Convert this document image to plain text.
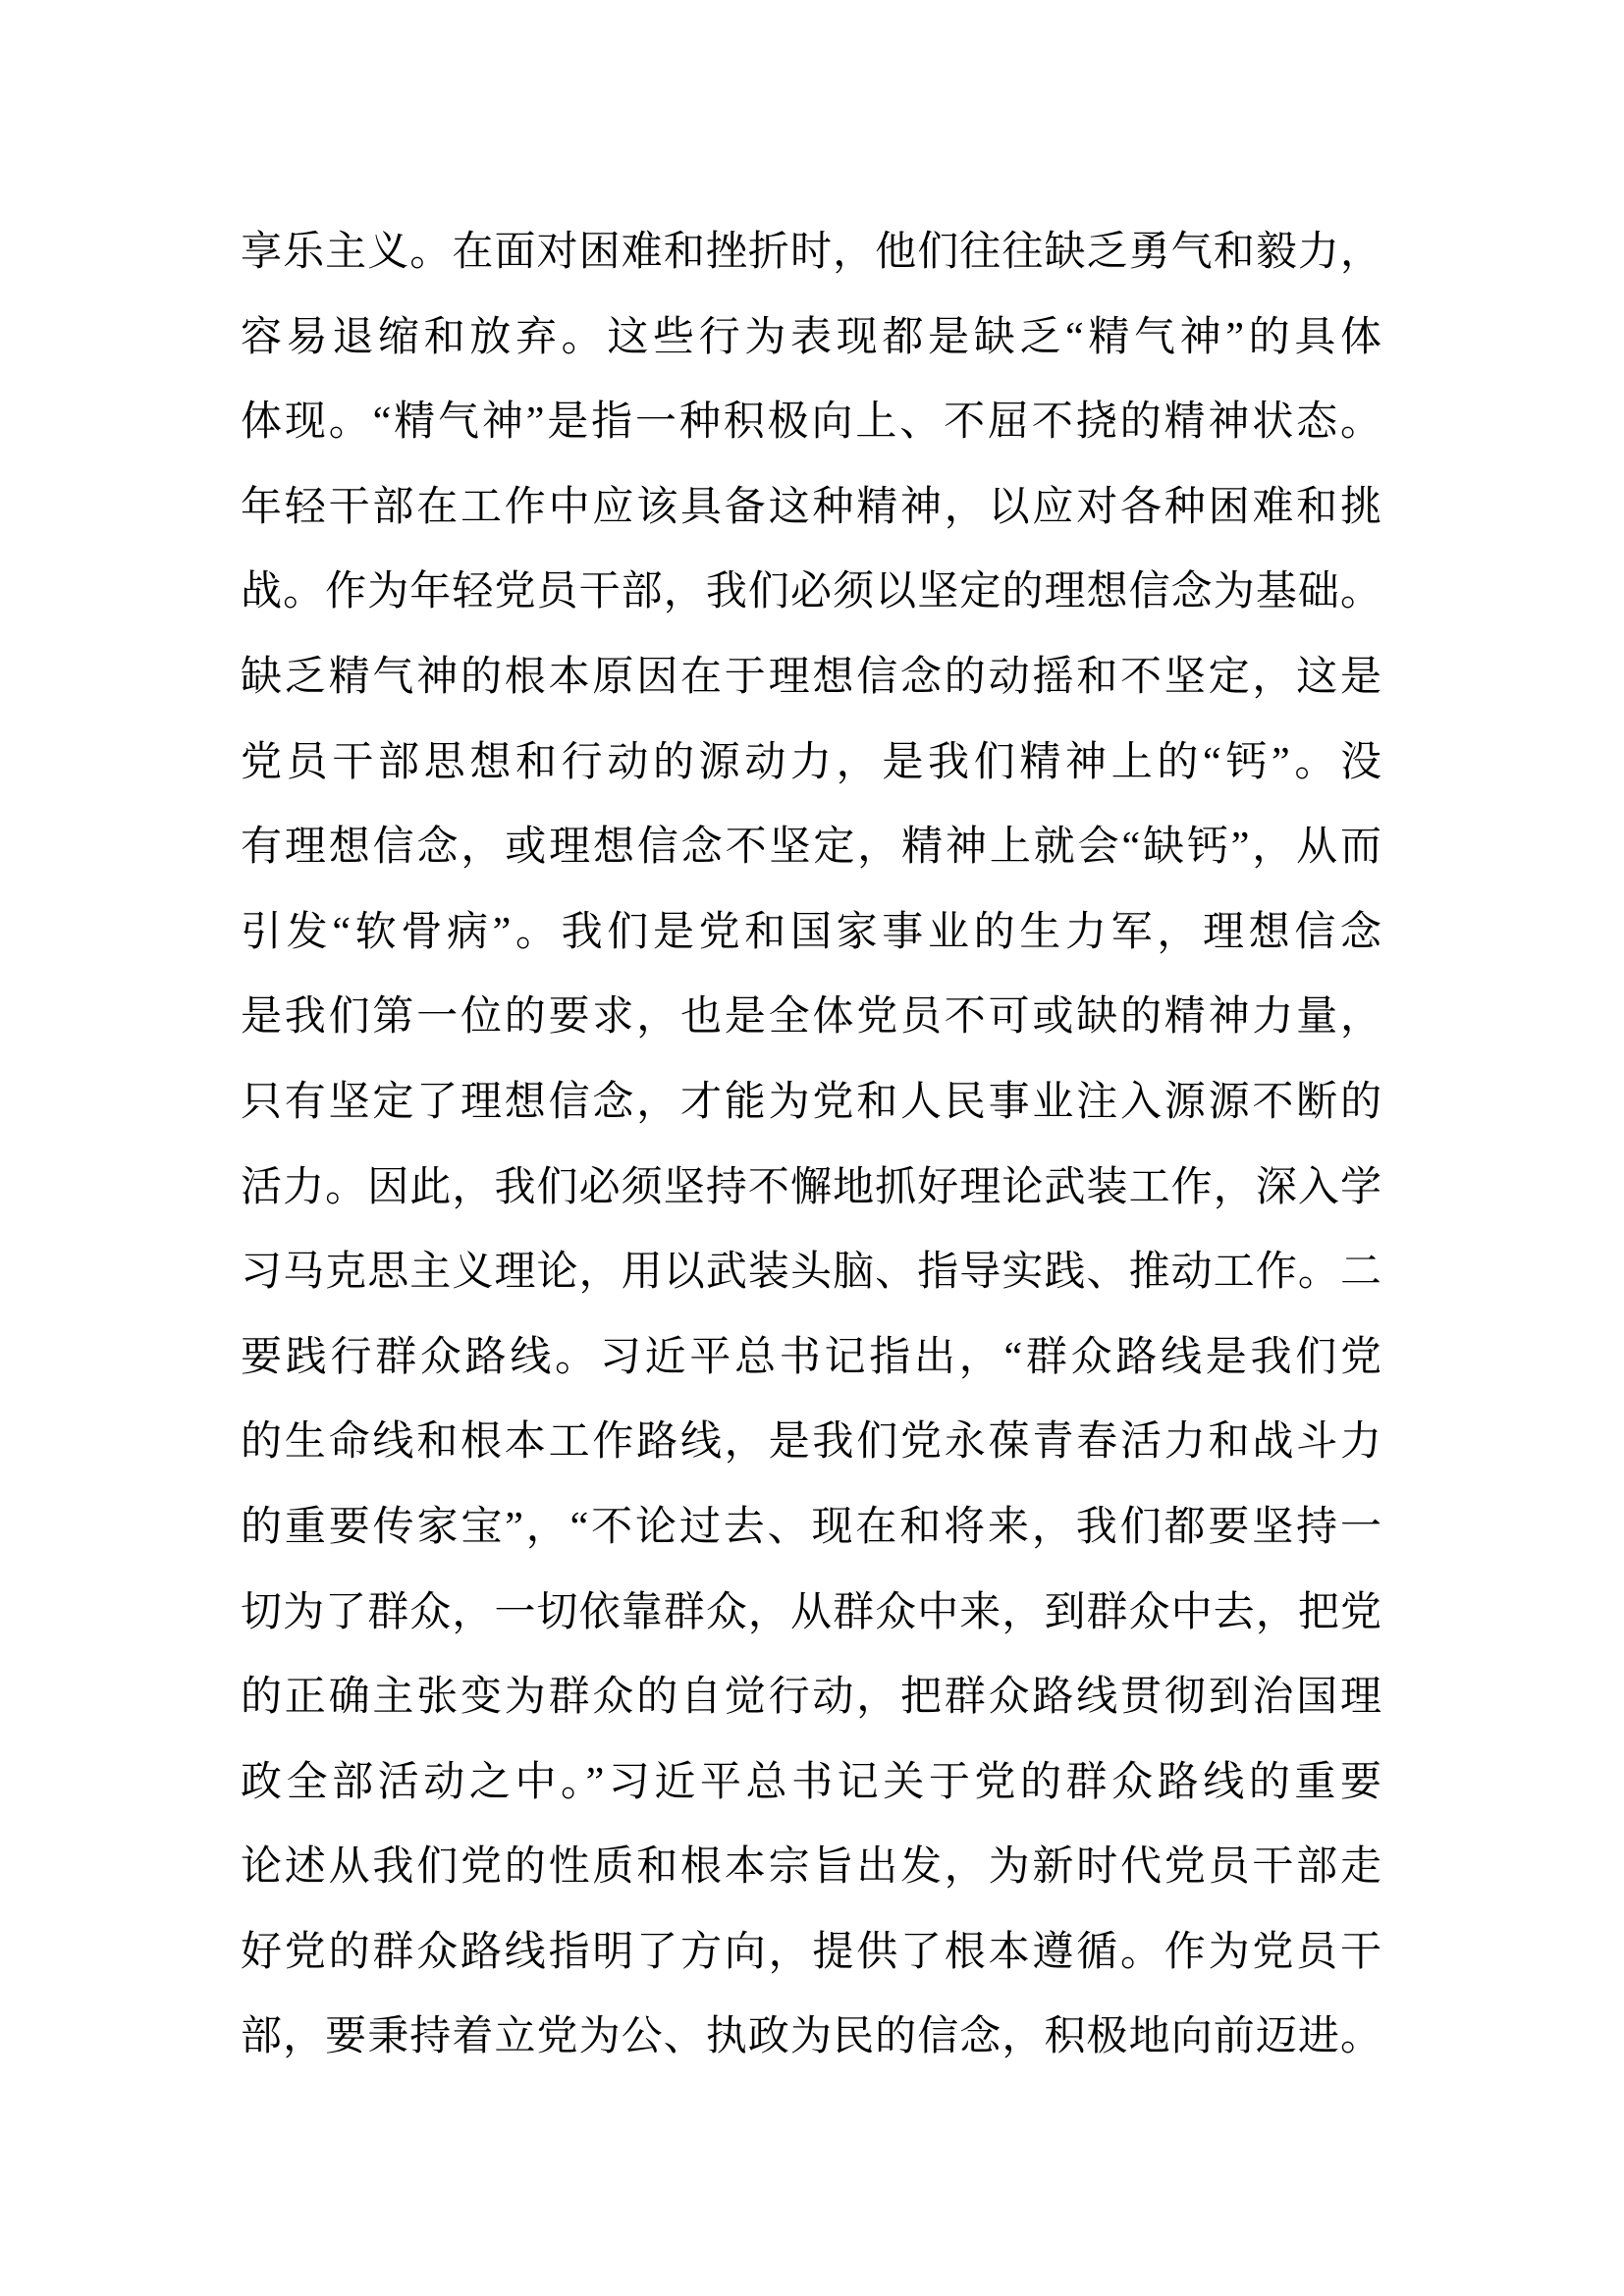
享乐主义。在面对困难和挫折时，他们往往缺乏勇气和毅力，
容易退缩和放弃。这些行为表现都是缺乏“精气神”的具体
体现。“精气神”是指一种积极向上、不屈不挠的精神状态。
年轻干部在工作中应该具备这种精神，以应对各种困难和挑
战。作为年轻党员干部，我们必须以坚定的理想信念为基础。
缺乏精气神的根本原因在于理想信念的动摇和不坚定，这是
党员干部思想和行动的源动力，是我们精神上的“钙”。没
有理想信念，或理想信念不坚定，精神上就会“缺钙”，从而
引发“软骨病”。我们是党和国家事业的生力军，理想信念
是我们第一位的要求，也是全体党员不可或缺的精神力量，
只有坚定了理想信念，才能为党和人民事业注入源源不断的
活力。因此，我们必须坚持不懈地抓好理论武装工作，深入学
习马克思主义理论，用以武装头脑、指导实践、推动工作。二
要践行群众路线。习近平总书记指出，“群众路线是我们党
的生命线和根本工作路线，是我们党永葆青春活力和战斗力
的重要传家宝”，“不论过去、现在和将来，我们都要坚持一
切为了群众，一切依靠群众，从群众中来，到群众中去，把党
的正确主张变为群众的自觉行动，把群众路线贯彻到治国理
政全部活动之中。”习近平总书记关于党的群众路线的重要
论述从我们党的性质和根本宗旨出发，为新时代党员干部走
好党的群众路线指明了方向，提供了根本遵循。作为党员干
部，要秉持着立党为公、执政为民的信念，积极地向前迈进。
